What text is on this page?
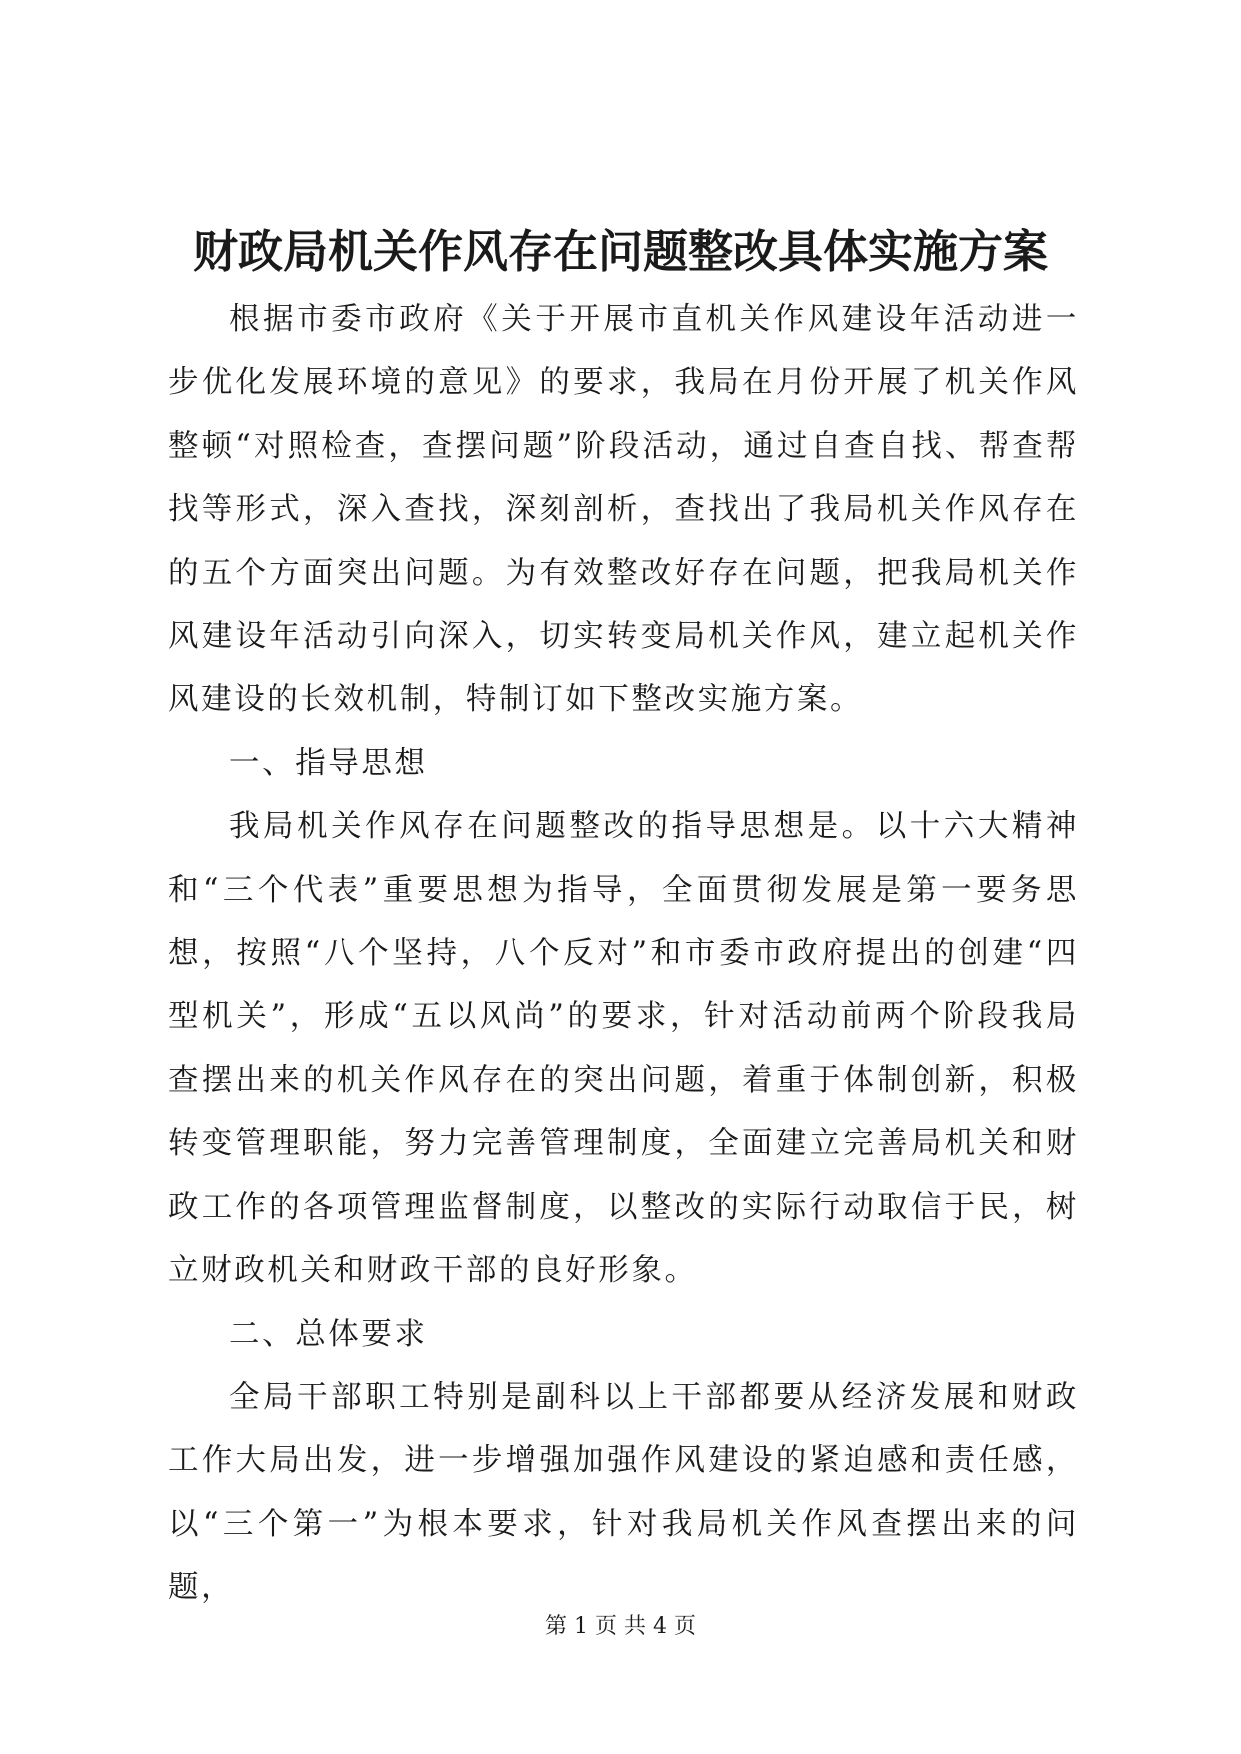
财政局机关作风存在问题整改具体实施方案

根据市委市政府《关于开展市直机关作风建设年活动进一步优化发展环境的意见》的要求，我局在月份开展了机关作风整顿“对照检查，查摆问题”阶段活动，通过自查自找、帮查帮找等形式，深入查找，深刻剖析，查找出了我局机关作风存在的五个方面突出问题。为有效整改好存在问题，把我局机关作风建设年活动引向深入，切实转变局机关作风，建立起机关作风建设的长效机制，特制订如下整改实施方案。

一、指导思想

我局机关作风存在问题整改的指导思想是。以十六大精神和“三个代表”重要思想为指导，全面贯彻发展是第一要务思想，按照“八个坚持，八个反对”和市委市政府提出的创建“四型机关”，形成“五以风尚”的要求，针对活动前两个阶段我局查摆出来的机关作风存在的突出问题，着重于体制创新，积极转变管理职能，努力完善管理制度，全面建立完善局机关和财政工作的各项管理监督制度，以整改的实际行动取信于民，树立财政机关和财政干部的良好形象。

二、总体要求

全局干部职工特别是副科以上干部都要从经济发展和财政工作大局出发，进一步增强加强作风建设的紧迫感和责任感，以“三个第一”为根本要求，针对我局机关作风查摆出来的问题，

第 1 页 共 4 页
